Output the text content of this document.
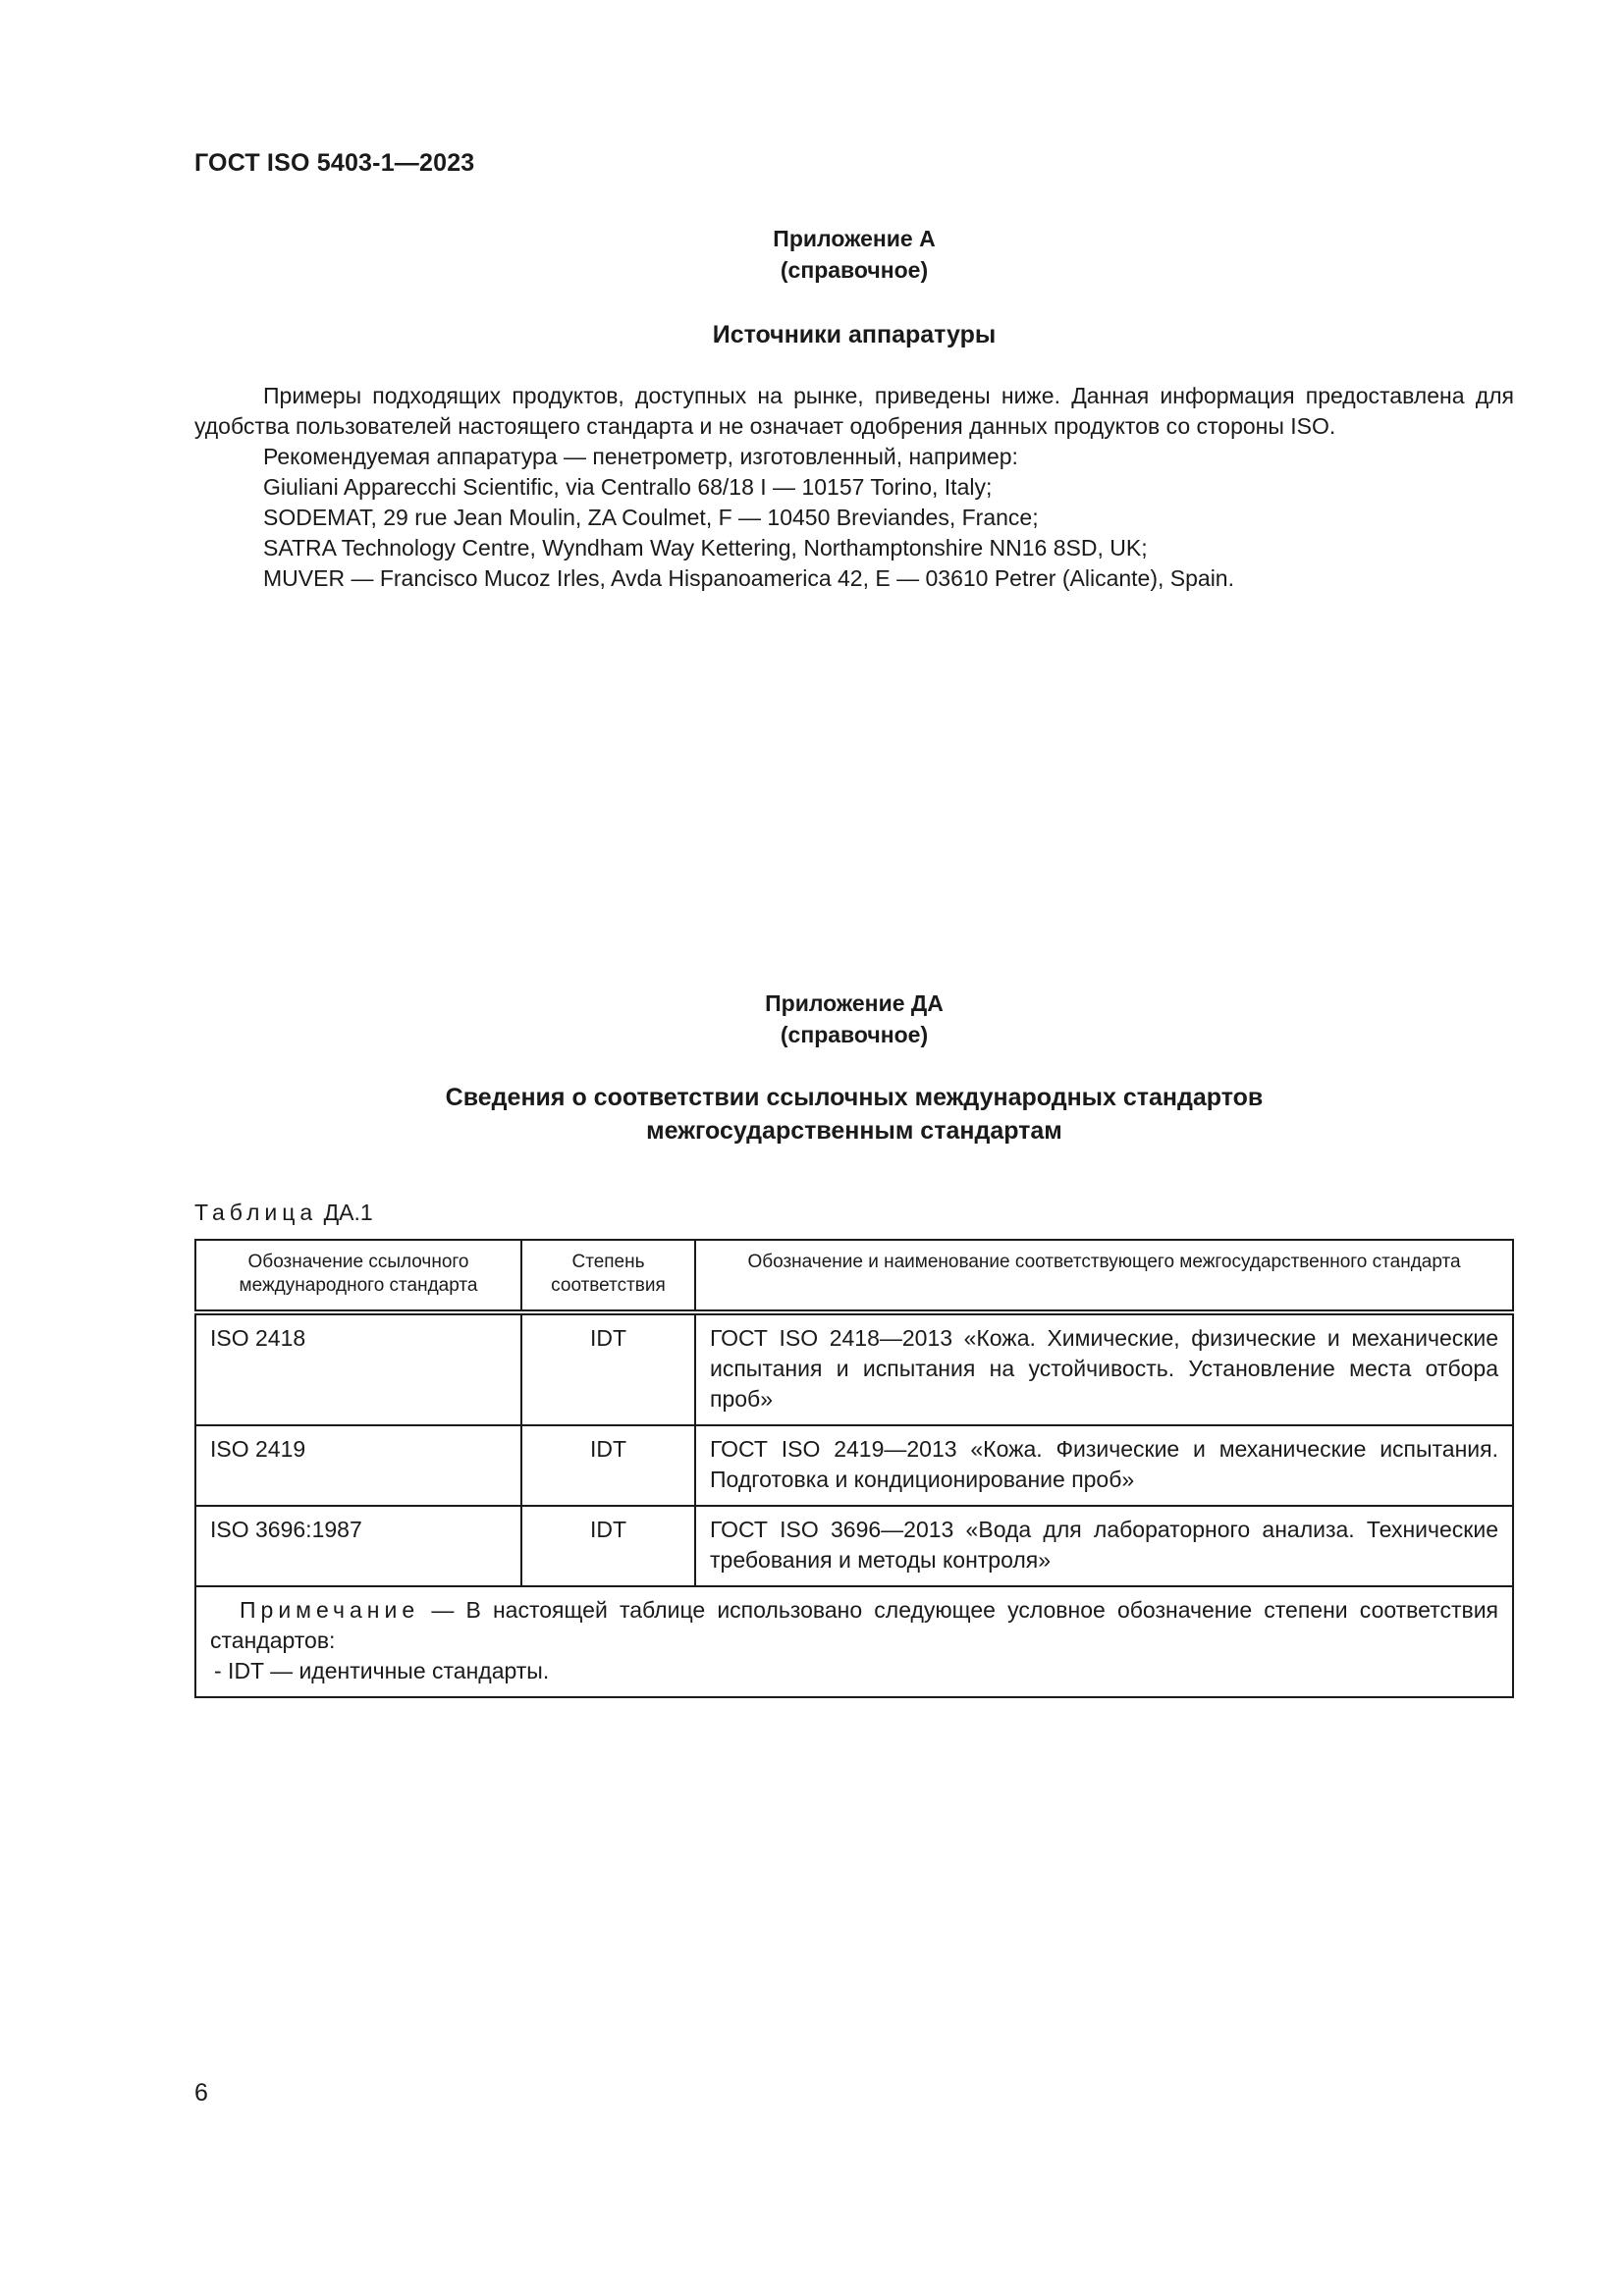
ГОСТ ISO 5403-1—2023
Приложение А
(справочное)
Источники аппаратуры

Примеры подходящих продуктов, доступных на рынке, приведены ниже. Данная информация предоставлена для удобства пользователей настоящего стандарта и не означает одобрения данных продуктов со стороны ISO.

Рекомендуемая аппаратура — пенетрометр, изготовленный, например:

Giuliani Apparecchi Scientific, via Centrallo 68/18 I — 10157 Torino, Italy;

SODEMAT, 29 rue Jean Moulin, ZA Coulmet, F — 10450 Breviandes, France;

SATRA Technology Centre, Wyndham Way Kettering, Northamptonshire NN16 8SD, UK;

MUVER — Francisco Mucoz Irles, Avda Hispanoamerica 42, E — 03610 Petrer (Alicante), Spain.

Приложение ДА
(справочное)
Сведения о соответствии ссылочных международных стандартов
межгосударственным стандартам
Таблица ДА.1
Обозначение ссылочного международного стандарта	Степень соответствия	Обозначение и наименование соответствующего межгосударственного стандарта
ISO 2418	IDT	ГОСТ ISO 2418—2013 «Кожа. Химические, физические и механические испытания и испытания на устойчивость. Установление места отбора проб»
ISO 2419	IDT	ГОСТ ISO 2419—2013 «Кожа. Физические и механические испытания. Подготовка и кондиционирование проб»
ISO 3696:1987	IDT	ГОСТ ISO 3696—2013 «Вода для лабораторного анализа. Технические требования и методы контроля»

Примечание — В настоящей таблице использовано следующее условное обозначение степени соответствия стандартов:
- IDT — идентичные стандарты.		
6
